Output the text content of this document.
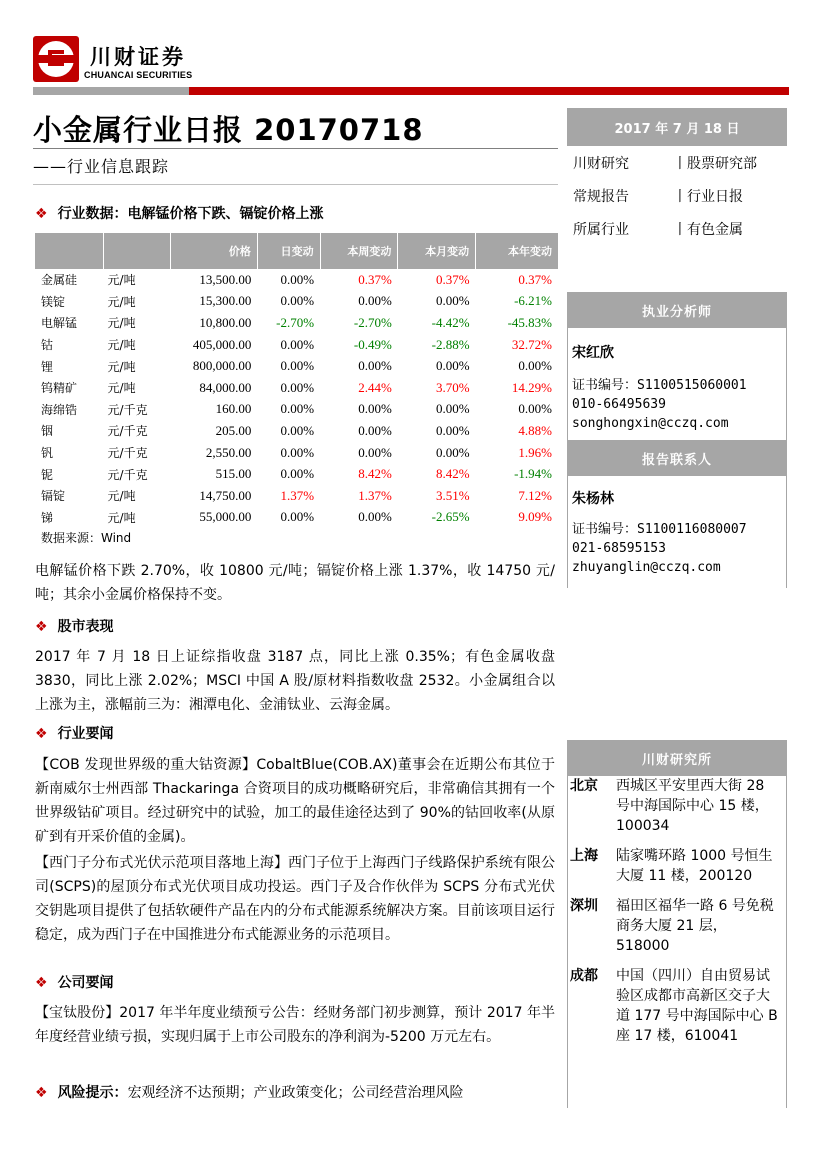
川财证券
CHUANCAI SECURITIES
小金属行业日报 20170718
——行业信息跟踪
2017 年 7 月 18 日
川财研究	丨股票研究部
常规报告	丨行业日报
所属行业	丨有色金属
执业分析师
宋红欣
证书编号：S1100515060001
010-66495639
songhongxin@cczq.com
报告联系人
朱杨林
证书编号：S1100116080007
021-68595153
zhuyanglin@cczq.com
川财研究所
北京	西城区平安里西大街 28 号中海国际中心 15 楼，100034
上海	陆家嘴环路 1000 号恒生大厦 11 楼，200120
深圳	福田区福华一路 6 号免税商务大厦 21 层，518000
成都	中国（四川）自由贸易试验区成都市高新区交子大道 177 号中海国际中心 B 座 17 楼，610041
❖ 行业数据：电解锰价格下跌、镉锭价格上涨
		价格	日变动	本周变动	本月变动	本年变动
金属硅	元/吨	13,500.00	0.00%	0.37%	0.37%	0.37%
镁锭	元/吨	15,300.00	0.00%	0.00%	0.00%	-6.21%
电解锰	元/吨	10,800.00	-2.70%	-2.70%	-4.42%	-45.83%
钴	元/吨	405,000.00	0.00%	-0.49%	-2.88%	32.72%
锂	元/吨	800,000.00	0.00%	0.00%	0.00%	0.00%
钨精矿	元/吨	84,000.00	0.00%	2.44%	3.70%	14.29%
海绵锆	元/千克	160.00	0.00%	0.00%	0.00%	0.00%
铟	元/千克	205.00	0.00%	0.00%	0.00%	4.88%
钒	元/千克	2,550.00	0.00%	0.00%	0.00%	1.96%
铌	元/千克	515.00	0.00%	8.42%	8.42%	-1.94%
镉锭	元/吨	14,750.00	1.37%	1.37%	3.51%	7.12%
锑	元/吨	55,000.00	0.00%	0.00%	-2.65%	9.09%
数据来源：Wind
电解锰价格下跌 2.70%，收 10800 元/吨；镉锭价格上涨 1.37%，收 14750 元/吨；其余小金属价格保持不变。
❖ 股市表现
2017 年 7 月 18 日上证综指收盘 3187 点，同比上涨 0.35%；有色金属收盘 3830，同比上涨 2.02%；MSCI 中国 A 股/原材料指数收盘 2532。小金属组合以上涨为主，涨幅前三为：湘潭电化、金浦钛业、云海金属。
❖ 行业要闻
【COB 发现世界级的重大钴资源】CobaltBlue(COB.AX)董事会在近期公布其位于新南威尔士州西部 Thackaringa 合资项目的成功概略研究后，非常确信其拥有一个世界级钴矿项目。经过研究中的试验，加工的最佳途径达到了 90%的钴回收率(从原矿到有开采价值的金属)。
【西门子分布式光伏示范项目落地上海】西门子位于上海西门子线路保护系统有限公司(SCPS)的屋顶分布式光伏项目成功投运。西门子及合作伙伴为 SCPS 分布式光伏交钥匙项目提供了包括软硬件产品在内的分布式能源系统解决方案。目前该项目运行稳定，成为西门子在中国推进分布式能源业务的示范项目。
❖ 公司要闻
【宝钛股份】2017 年半年度业绩预亏公告：经财务部门初步测算，预计 2017 年半年度经营业绩亏损，实现归属于上市公司股东的净利润为-5200 万元左右。
❖ 风险提示：宏观经济不达预期；产业政策变化；公司经营治理风险
